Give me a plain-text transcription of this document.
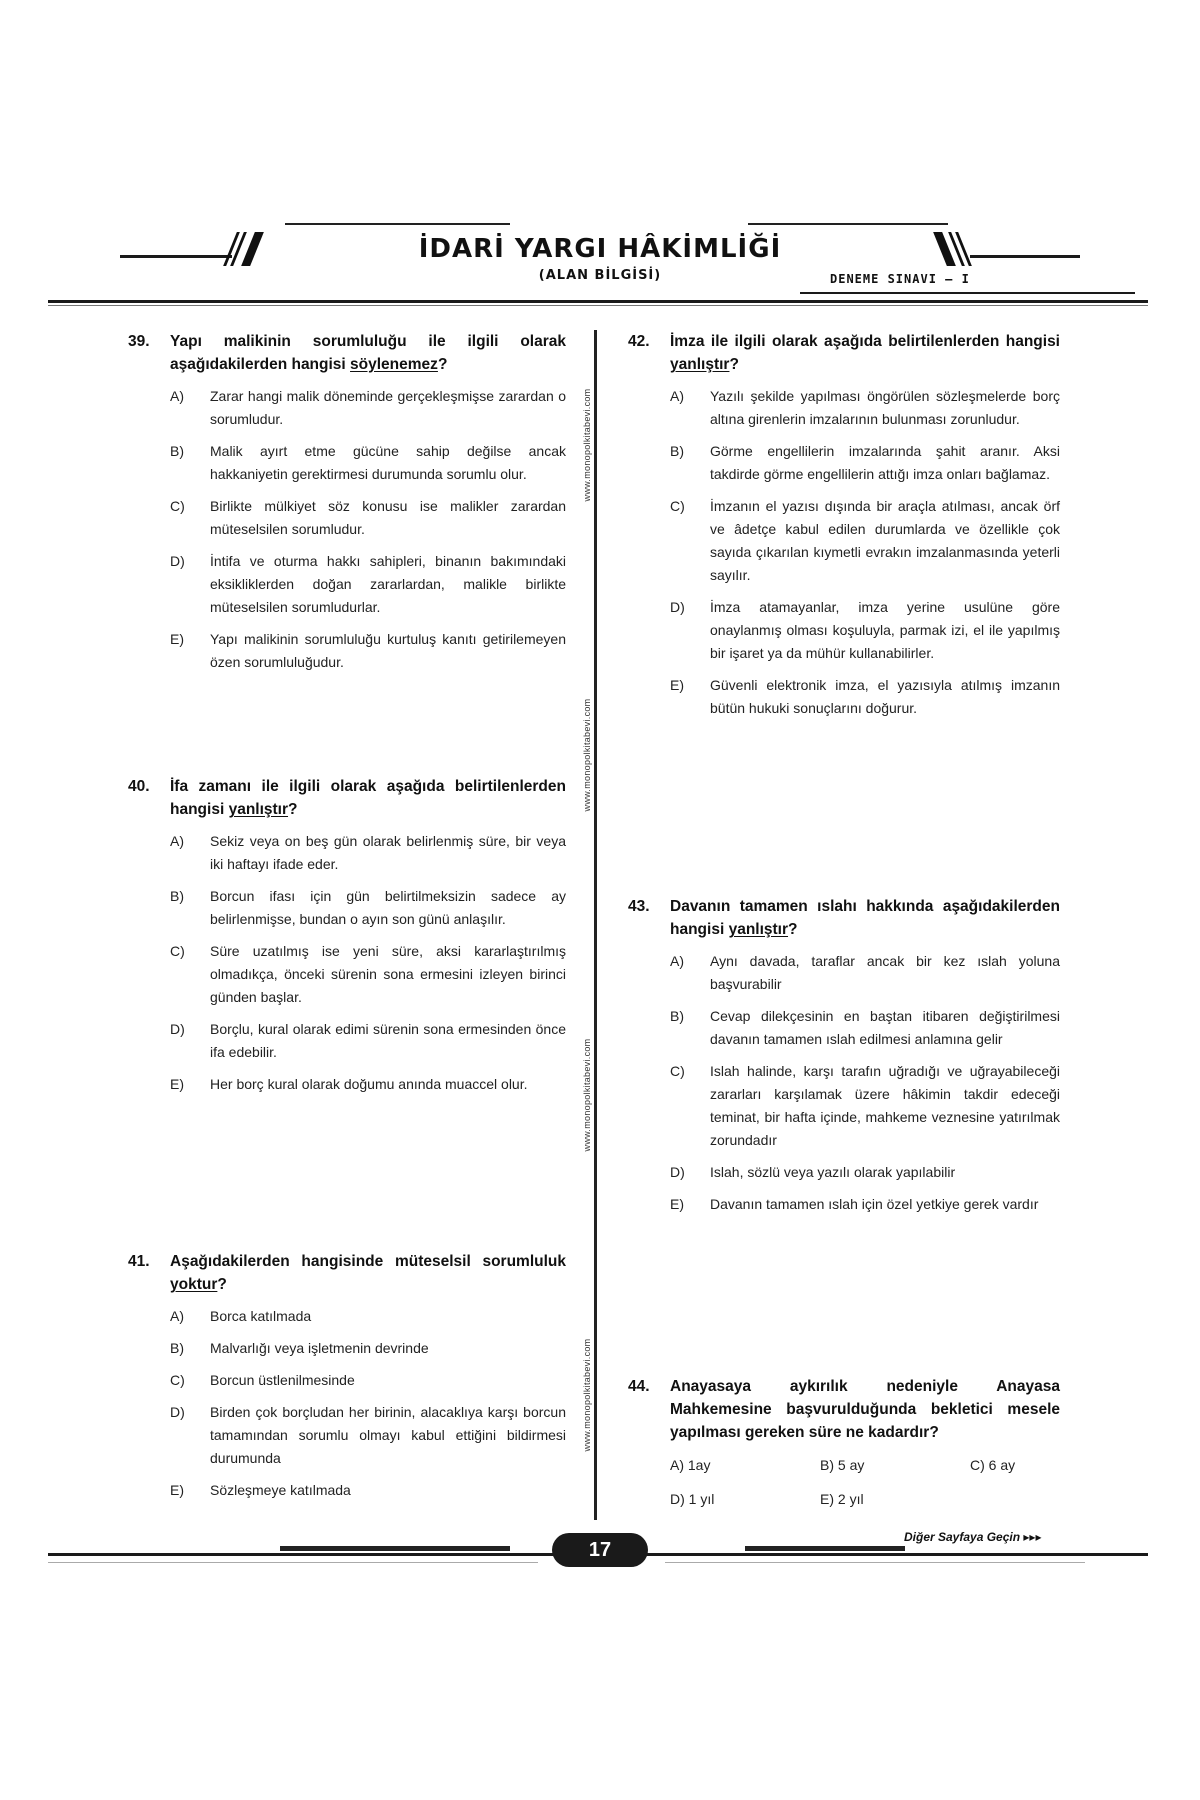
İDARİ YARGI HÂKİMLİĞİ
(ALAN BİLGİSİ)	DENEME SINAVI – I
39.	Yapı malikinin sorumluluğu ile ilgili olarak aşağıdakilerden hangisi söylenemez?
A)	Zarar hangi malik döneminde gerçekleşmişse zarardan o sorumludur.
B)	Malik ayırt etme gücüne sahip değilse ancak hakkaniyetin gerektirmesi durumunda sorumlu olur.
C)	Birlikte mülkiyet söz konusu ise malikler zarardan müteselsilen sorumludur.
D)	İntifa ve oturma hakkı sahipleri, binanın bakımındaki eksikliklerden doğan zararlardan, malikle birlikte müteselsilen sorumludurlar.
E)	Yapı malikinin sorumluluğu kurtuluş kanıtı getirilemeyen özen sorumluluğudur.
40.	İfa zamanı ile ilgili olarak aşağıda belirtilenlerden hangisi yanlıştır?
A)	Sekiz veya on beş gün olarak belirlenmiş süre, bir veya iki haftayı ifade eder.
B)	Borcun ifası için gün belirtilmeksizin sadece ay belirlenmişse, bundan o ayın son günü anlaşılır.
C)	Süre uzatılmış ise yeni süre, aksi kararlaştırılmış olmadıkça, önceki sürenin sona ermesini izleyen birinci günden başlar.
D)	Borçlu, kural olarak edimi sürenin sona ermesinden önce ifa edebilir.
E)	Her borç kural olarak doğumu anında muaccel olur.
41.	Aşağıdakilerden hangisinde müteselsil sorumluluk yoktur?
A)	Borca katılmada
B)	Malvarlığı veya işletmenin devrinde
C)	Borcun üstlenilmesinde
D)	Birden çok borçludan her birinin, alacaklıya karşı borcun tamamından sorumlu olmayı kabul ettiğini bildirmesi durumunda
E)	Sözleşmeye katılmada
www.monopolkitabevi.com
www.monopolkitabevi.com
www.monopolkitabevi.com
www.monopolkitabevi.com
42.	İmza ile ilgili olarak aşağıda belirtilenlerden hangisi yanlıştır?
A)	Yazılı şekilde yapılması öngörülen sözleşmelerde borç altına girenlerin imzalarının bulunması zorunludur.
B)	Görme engellilerin imzalarında şahit aranır. Aksi takdirde görme engellilerin attığı imza onları bağlamaz.
C)	İmzanın el yazısı dışında bir araçla atılması, ancak örf ve âdetçe kabul edilen durumlarda ve özellikle çok sayıda çıkarılan kıymetli evrakın imzalanmasında yeterli sayılır.
D)	İmza atamayanlar, imza yerine usulüne göre onaylanmış olması koşuluyla, parmak izi, el ile yapılmış bir işaret ya da mühür kullanabilirler.
E)	Güvenli elektronik imza, el yazısıyla atılmış imzanın bütün hukuki sonuçlarını doğurur.
43.	Davanın tamamen ıslahı hakkında aşağıdakilerden hangisi yanlıştır?
A)	Aynı davada, taraflar ancak bir kez ıslah yoluna başvurabilir
B)	Cevap dilekçesinin en baştan itibaren değiştirilmesi davanın tamamen ıslah edilmesi anlamına gelir
C)	Islah halinde, karşı tarafın uğradığı ve uğrayabileceği zararları karşılamak üzere hâkimin takdir edeceği teminat, bir hafta içinde, mahkeme veznesine yatırılmak zorundadır
D)	Islah, sözlü veya yazılı olarak yapılabilir
E)	Davanın tamamen ıslah için özel yetkiye gerek vardır
44.	Anayasaya aykırılık nedeniyle Anayasa Mahkemesine başvurulduğunda bekletici mesele yapılması gereken süre ne kadardır?
A) 1ay	B) 5 ay	C) 6 ay
D) 1 yıl	E) 2 yıl
17
Diğer Sayfaya Geçin ▸▸▸
